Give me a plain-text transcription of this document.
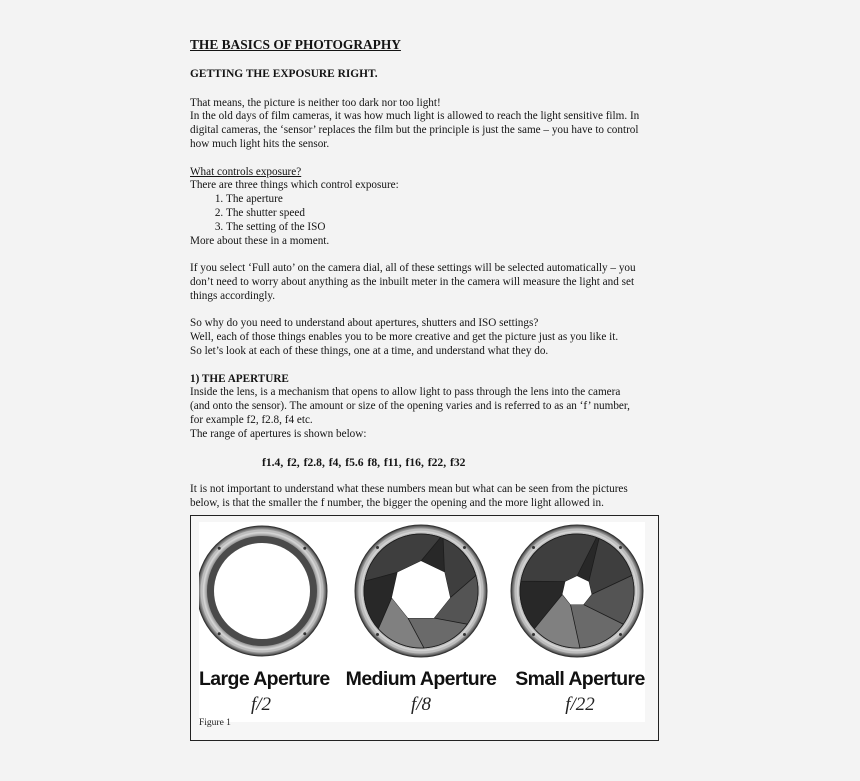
THE BASICS OF PHOTOGRAPHY

GETTING THE EXPOSURE RIGHT.

That means, the picture is neither too dark nor too light!

In the old days of film cameras, it was how much light is allowed to reach the light sensitive film. In

digital cameras, the ‘sensor’ replaces the film but the principle is just the same – you have to control

how much light hits the sensor.

What controls exposure?

There are three things which control exposure:

1. The aperture
2. The shutter speed
3. The setting of the ISO

More about these in a moment.

If you select ‘Full auto’ on the camera dial, all of these settings will be selected automatically – you

don’t need to worry about anything as the inbuilt meter in the camera will measure the light and set

things accordingly.

So why do you need to understand about apertures, shutters and ISO settings?

Well, each of those things enables you to be more creative and get the picture just as you like it.

So let’s look at each of these things, one at a time, and understand what they do.

1) THE APERTURE

Inside the lens, is a mechanism that opens to allow light to pass through the lens into the camera

(and onto the sensor). The amount or size of the opening varies and is referred to as an ‘f’ number,

for example f2, f2.8, f4 etc.

The range of apertures is shown below:

f1.4, f2, f2.8, f4, f5.6 f8, f11, f16, f22, f32

It is not important to understand what these numbers mean but what can be seen from the pictures

below, is that the smaller the f number, the bigger the opening and the more light allowed in.

Large Aperture Medium Aperture Small Aperture
f/2	f/8	f/22
Figure 1
